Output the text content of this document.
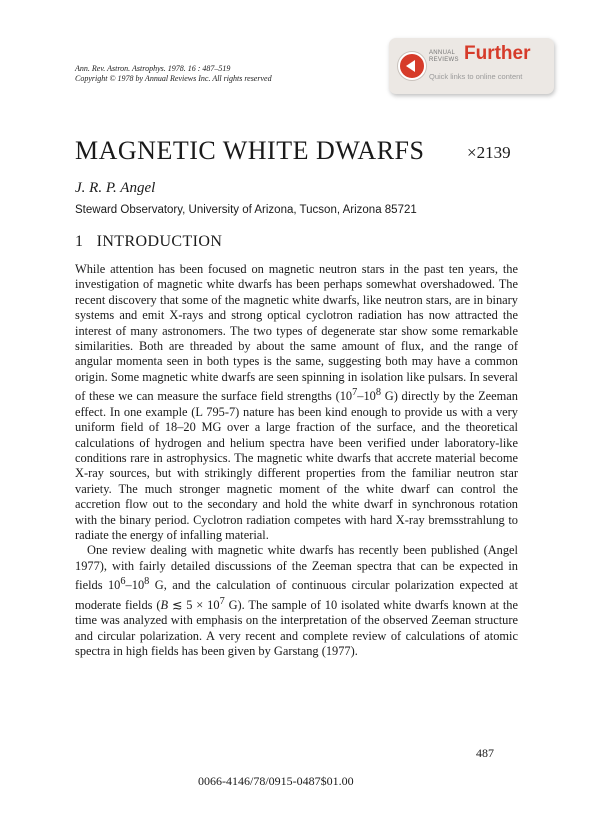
Ann. Rev. Astron. Astrophys. 1978. 16 : 487–519
Copyright © 1978 by Annual Reviews Inc. All rights reserved
ANNUAL
REVIEWS Further
Quick links to online content
MAGNETIC WHITE DWARFS	×2139
J. R. P. Angel
Steward Observatory, University of Arizona, Tucson, Arizona 85721
1 INTRODUCTION

While attention has been focused on magnetic neutron stars in the past ten years, the investigation of magnetic white dwarfs has been perhaps somewhat overshadowed. The recent discovery that some of the magnetic white dwarfs, like neutron stars, are in binary systems and emit X-rays and strong optical cyclotron radiation has now attracted the interest of many astronomers. The two types of degenerate star show some remarkable similarities. Both are threaded by about the same amount of flux, and the range of angular momenta seen in both types is the same, suggesting both may have a common origin. Some magnetic white dwarfs are seen spinning in isolation like pulsars. In several of these we can measure the surface field strengths ($10^7-10^8$ G) directly by the Zeeman effect. In one example (L 795-7) nature has been kind enough to provide us with a very uniform field of 18–20 MG over a large fraction of the surface, and the theoretical calculations of hydrogen and helium spectra have been verified under laboratory-like conditions rare in astrophysics. The magnetic white dwarfs that accrete material become X-ray sources, but with strikingly different properties from the familiar neutron star variety. The much stronger magnetic moment of the white dwarf can control the accretion flow out to the secondary and hold the white dwarf in synchronous rotation with the binary period. Cyclotron radiation competes with hard X-ray bremsstrahlung to radiate the energy of infalling material.

One review dealing with magnetic white dwarfs has recently been published (Angel 1977), with fairly detailed discussions of the Zeeman spectra that can be expected in fields $10^6-10^8$ G, and the calculation of continuous circular polarization expected at moderate fields (B ≲ $5 \times 10^7$ G). The sample of 10 isolated white dwarfs known at the time was analyzed with emphasis on the interpretation of the observed Zeeman structure and circular polarization. A very recent and complete review of calculations of atomic spectra in high fields has been given by Garstang (1977).

487
0066-4146/78/0915-0487$01.00
